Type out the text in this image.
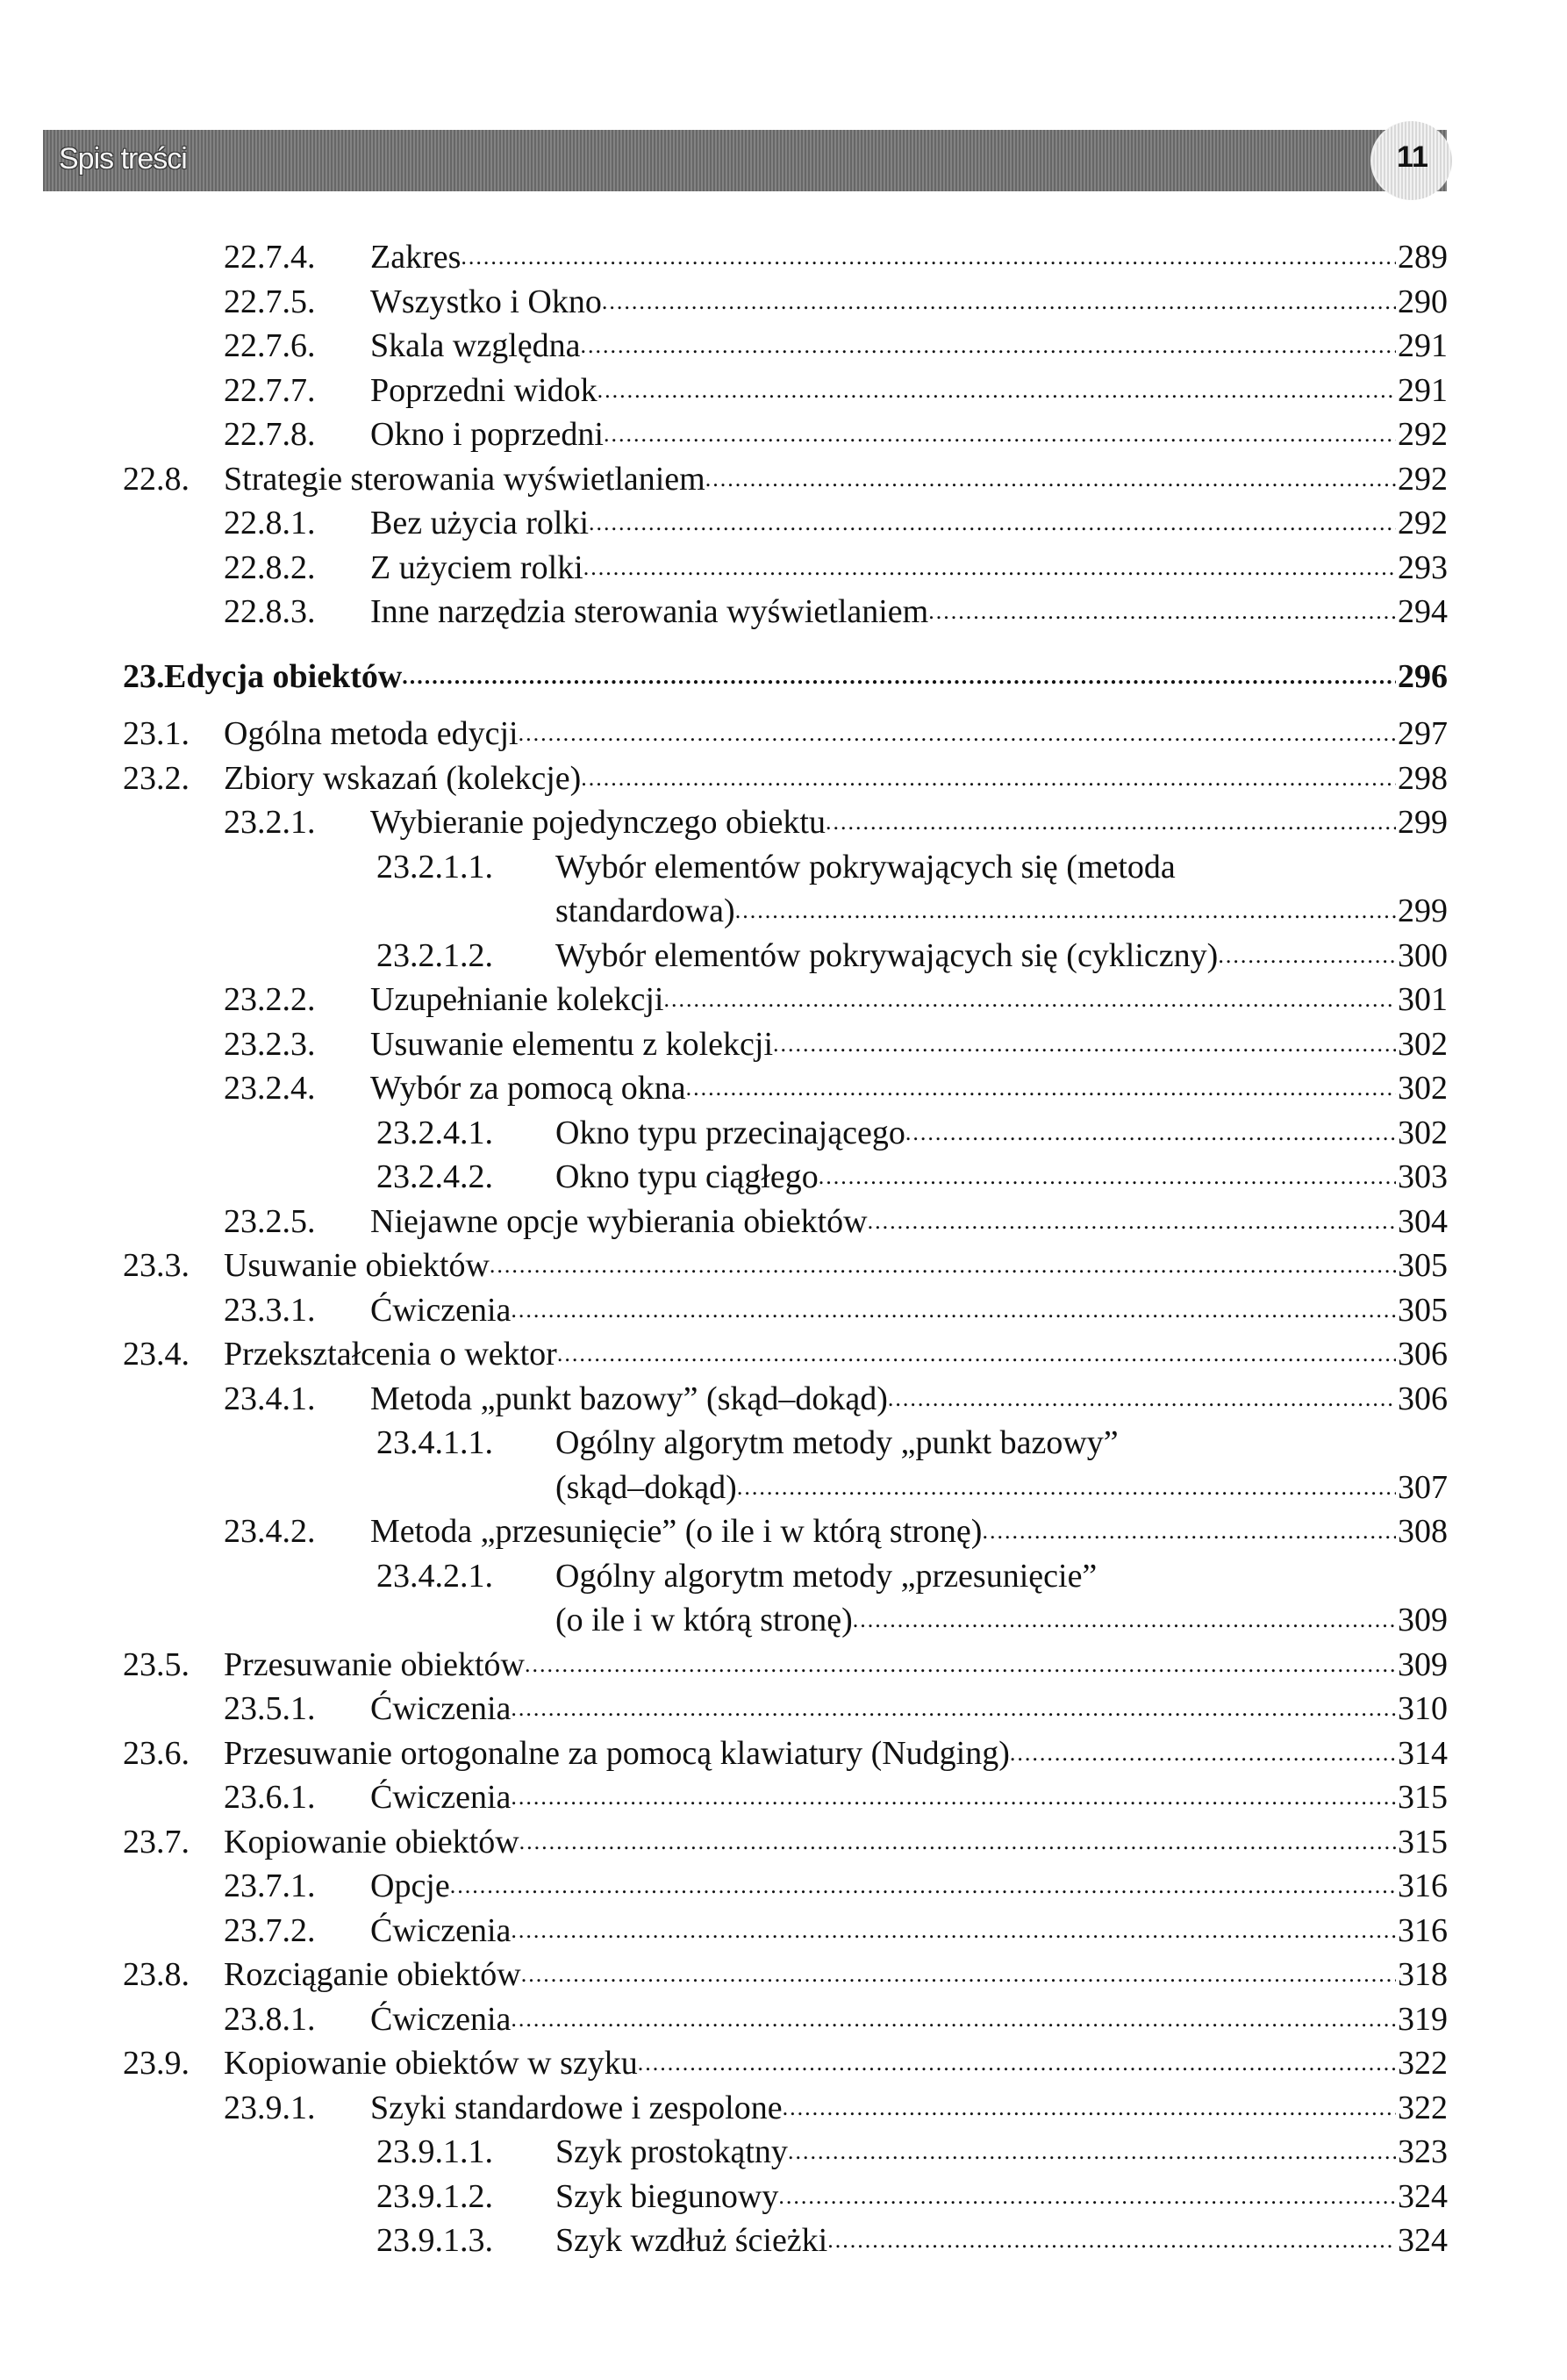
Spis treści	11
22.7.4. Zakres .....	289
22.7.5. Wszystko i Okno .....	290
22.7.6. Skala względna .....	291
22.7.7. Poprzedni widok .....	291
22.7.8. Okno i poprzedni .....	292
22.8. Strategie sterowania wyświetlaniem .....	292
22.8.1. Bez użycia rolki .....	292
22.8.2. Z użyciem rolki .....	293
22.8.3. Inne narzędzia sterowania wyświetlaniem .....	294
23. Edycja obiektów .....	296
23.1. Ogólna metoda edycji .....	297
23.2. Zbiory wskazań (kolekcje) .....	298
23.2.1. Wybieranie pojedynczego obiektu .....	299
23.2.1.1. Wybór elementów pokrywających się (metoda
standardowa) .....	299
23.2.1.2. Wybór elementów pokrywających się (cykliczny) .....	300
23.2.2. Uzupełnianie kolekcji .....	301
23.2.3. Usuwanie elementu z kolekcji .....	302
23.2.4. Wybór za pomocą okna .....	302
23.2.4.1. Okno typu przecinającego .....	302
23.2.4.2. Okno typu ciągłego .....	303
23.2.5. Niejawne opcje wybierania obiektów .....	304
23.3. Usuwanie obiektów .....	305
23.3.1. Ćwiczenia .....	305
23.4. Przekształcenia o wektor .....	306
23.4.1. Metoda „punkt bazowy” (skąd–dokąd) .....	306
23.4.1.1. Ogólny algorytm metody „punkt bazowy”
(skąd–dokąd) .....	307
23.4.2. Metoda „przesunięcie” (o ile i w którą stronę) .....	308
23.4.2.1. Ogólny algorytm metody „przesunięcie”
(o ile i w którą stronę) .....	309
23.5. Przesuwanie obiektów .....	309
23.5.1. Ćwiczenia .....	310
23.6. Przesuwanie ortogonalne za pomocą klawiatury (Nudging) .....	314
23.6.1. Ćwiczenia .....	315
23.7. Kopiowanie obiektów .....	315
23.7.1. Opcje .....	316
23.7.2. Ćwiczenia .....	316
23.8. Rozciąganie obiektów .....	318
23.8.1. Ćwiczenia .....	319
23.9. Kopiowanie obiektów w szyku .....	322
23.9.1. Szyki standardowe i zespolone .....	322
23.9.1.1. Szyk prostokątny .....	323
23.9.1.2. Szyk biegunowy .....	324
23.9.1.3. Szyk wzdłuż ścieżki .....	324
